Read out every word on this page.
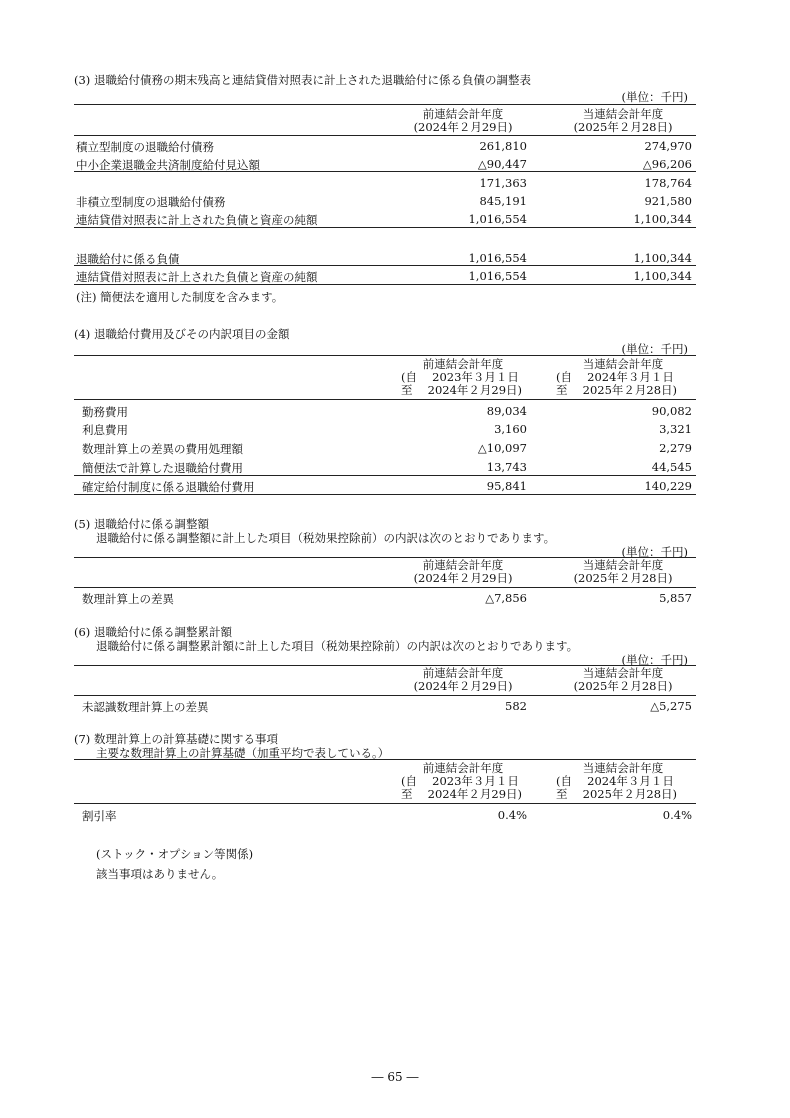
(3) 退職給付債務の期末残高と連結貸借対照表に計上された退職給付に係る負債の調整表
(単位：千円)
前連結会計年度
(2024年２月29日)
当連結会計年度
(2025年２月28日)
積立型制度の退職給付債務	261,810	274,970
中小企業退職金共済制度給付見込額	△90,447	△96,206
171,363	178,764
非積立型制度の退職給付債務	845,191	921,580
連結貸借対照表に計上された負債と資産の純額	1,016,554	1,100,344
退職給付に係る負債	1,016,554	1,100,344
連結貸借対照表に計上された負債と資産の純額	1,016,554	1,100,344
(注) 簡便法を適用した制度を含みます。
(4) 退職給付費用及びその内訳項目の金額
(単位：千円)
前連結会計年度
(自　 2023年３月１日
至　 2024年２月29日)
当連結会計年度
(自　 2024年３月１日
至　 2025年２月28日)
勤務費用	89,034	90,082
利息費用	3,160	3,321
数理計算上の差異の費用処理額	△10,097	2,279
簡便法で計算した退職給付費用	13,743	44,545
確定給付制度に係る退職給付費用	95,841	140,229
(5) 退職給付に係る調整額
退職給付に係る調整額に計上した項目（税効果控除前）の内訳は次のとおりであります。
(単位：千円)
前連結会計年度
(2024年２月29日)
当連結会計年度
(2025年２月28日)
数理計算上の差異	△7,856	5,857
(6) 退職給付に係る調整累計額
退職給付に係る調整累計額に計上した項目（税効果控除前）の内訳は次のとおりであります。
(単位：千円)
前連結会計年度
(2024年２月29日)
当連結会計年度
(2025年２月28日)
未認識数理計算上の差異	582	△5,275
(7) 数理計算上の計算基礎に関する事項
主要な数理計算上の計算基礎（加重平均で表している。）
前連結会計年度
(自　 2023年３月１日
至　 2024年２月29日)
当連結会計年度
(自　 2024年３月１日
至　 2025年２月28日)
割引率	0.4%	0.4%
(ストック・オプション等関係)
該当事項はありません。
― 65 ―
